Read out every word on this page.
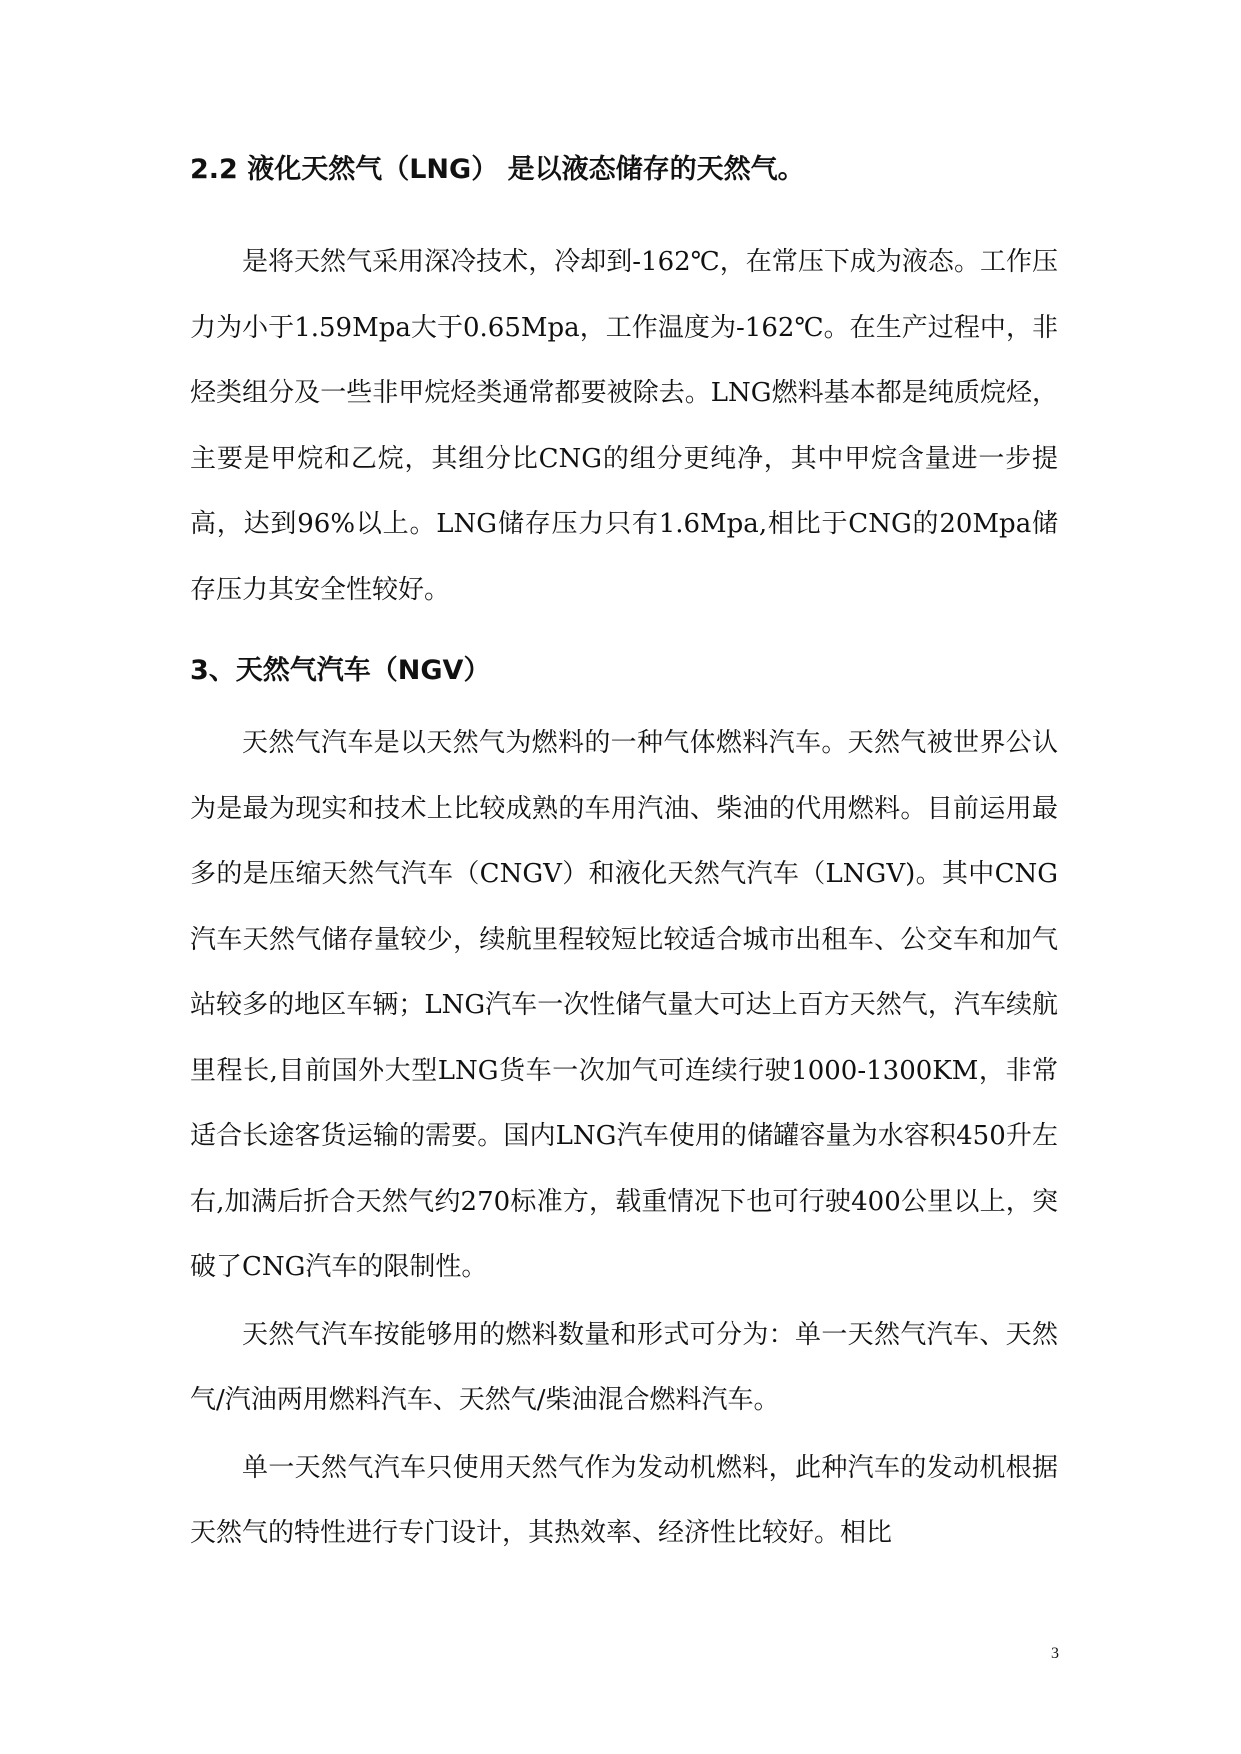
2.2 液化天然气（LNG） 是以液态储存的天然气。

是将天然气采用深冷技术，冷却到-162℃，在常压下成为液态。工作压力为小于1.59Mpa大于0.65Mpa，工作温度为-162℃。在生产过程中，非烃类组分及一些非甲烷烃类通常都要被除去。LNG燃料基本都是纯质烷烃，主要是甲烷和乙烷，其组分比CNG的组分更纯净，其中甲烷含量进一步提高，达到96%以上。LNG储存压力只有1.6Mpa,相比于CNG的20Mpa储存压力其安全性较好。

3、天然气汽车（NGV）

天然气汽车是以天然气为燃料的一种气体燃料汽车。天然气被世界公认为是最为现实和技术上比较成熟的车用汽油、柴油的代用燃料。目前运用最多的是压缩天然气汽车（CNGV）和液化天然气汽车（LNGV)。其中CNG汽车天然气储存量较少，续航里程较短比较适合城市出租车、公交车和加气站较多的地区车辆；LNG汽车一次性储气量大可达上百方天然气，汽车续航里程长,目前国外大型LNG货车一次加气可连续行驶1000-1300KM，非常适合长途客货运输的需要。国内LNG汽车使用的储罐容量为水容积450升左右,加满后折合天然气约270标准方，载重情况下也可行驶400公里以上，突破了CNG汽车的限制性。

天然气汽车按能够用的燃料数量和形式可分为：单一天然气汽车、天然气/汽油两用燃料汽车、天然气/柴油混合燃料汽车。

单一天然气汽车只使用天然气作为发动机燃料，此种汽车的发动机根据天然气的特性进行专门设计，其热效率、经济性比较好。相比

3
